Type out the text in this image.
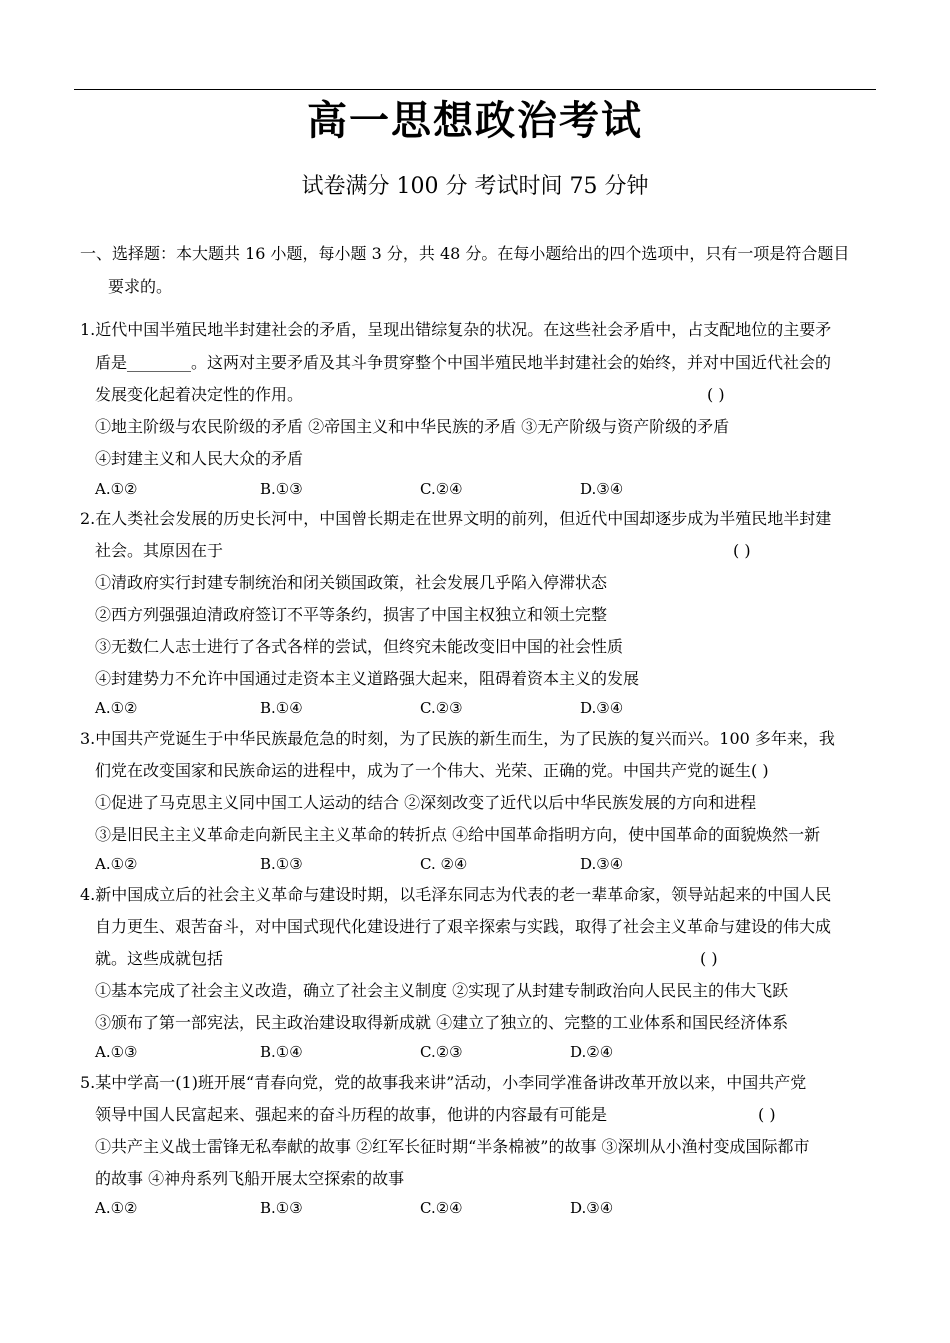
高一思想政治考试
试卷满分 100 分 考试时间 75 分钟
一、选择题：本大题共 16 小题，每小题 3 分，共 48 分。在每小题给出的四个选项中，只有一项是符合题目
要求的。
1.近代中国半殖民地半封建社会的矛盾，呈现出错综复杂的状况。在这些社会矛盾中，占支配地位的主要矛
盾是________。这两对主要矛盾及其斗争贯穿整个中国半殖民地半封建社会的始终，并对中国近代社会的
发展变化起着决定性的作用。	( )
①地主阶级与农民阶级的矛盾 ②帝国主义和中华民族的矛盾 ③无产阶级与资产阶级的矛盾
④封建主义和人民大众的矛盾
A.①②	B.①③	C.②④	D.③④
2.在人类社会发展的历史长河中，中国曾长期走在世界文明的前列，但近代中国却逐步成为半殖民地半封建
社会。其原因在于	( )
①清政府实行封建专制统治和闭关锁国政策，社会发展几乎陷入停滞状态
②西方列强强迫清政府签订不平等条约，损害了中国主权独立和领土完整
③无数仁人志士进行了各式各样的尝试，但终究未能改变旧中国的社会性质
④封建势力不允许中国通过走资本主义道路强大起来，阻碍着资本主义的发展
A.①②	B.①④	C.②③	D.③④
3.中国共产党诞生于中华民族最危急的时刻，为了民族的新生而生，为了民族的复兴而兴。100 多年来，我
们党在改变国家和民族命运的进程中，成为了一个伟大、光荣、正确的党。中国共产党的诞生( )
①促进了马克思主义同中国工人运动的结合 ②深刻改变了近代以后中华民族发展的方向和进程
③是旧民主主义革命走向新民主主义革命的转折点 ④给中国革命指明方向，使中国革命的面貌焕然一新
A.①②	B.①③	C. ②④	D.③④
4.新中国成立后的社会主义革命与建设时期，以毛泽东同志为代表的老一辈革命家，领导站起来的中国人民
自力更生、艰苦奋斗，对中国式现代化建设进行了艰辛探索与实践，取得了社会主义革命与建设的伟大成
就。这些成就包括	( )
①基本完成了社会主义改造，确立了社会主义制度 ②实现了从封建专制政治向人民民主的伟大飞跃
③颁布了第一部宪法，民主政治建设取得新成就 ④建立了独立的、完整的工业体系和国民经济体系
A.①③	B.①④	C.②③	D.②④
5.某中学高一(1)班开展“青春向党，党的故事我来讲”活动，小李同学准备讲改革开放以来，中国共产党
领导中国人民富起来、强起来的奋斗历程的故事，他讲的内容最有可能是	( )
①共产主义战士雷锋无私奉献的故事 ②红军长征时期“半条棉被”的故事 ③深圳从小渔村变成国际都市
的故事 ④神舟系列飞船开展太空探索的故事
A.①②	B.①③	C.②④	D.③④
